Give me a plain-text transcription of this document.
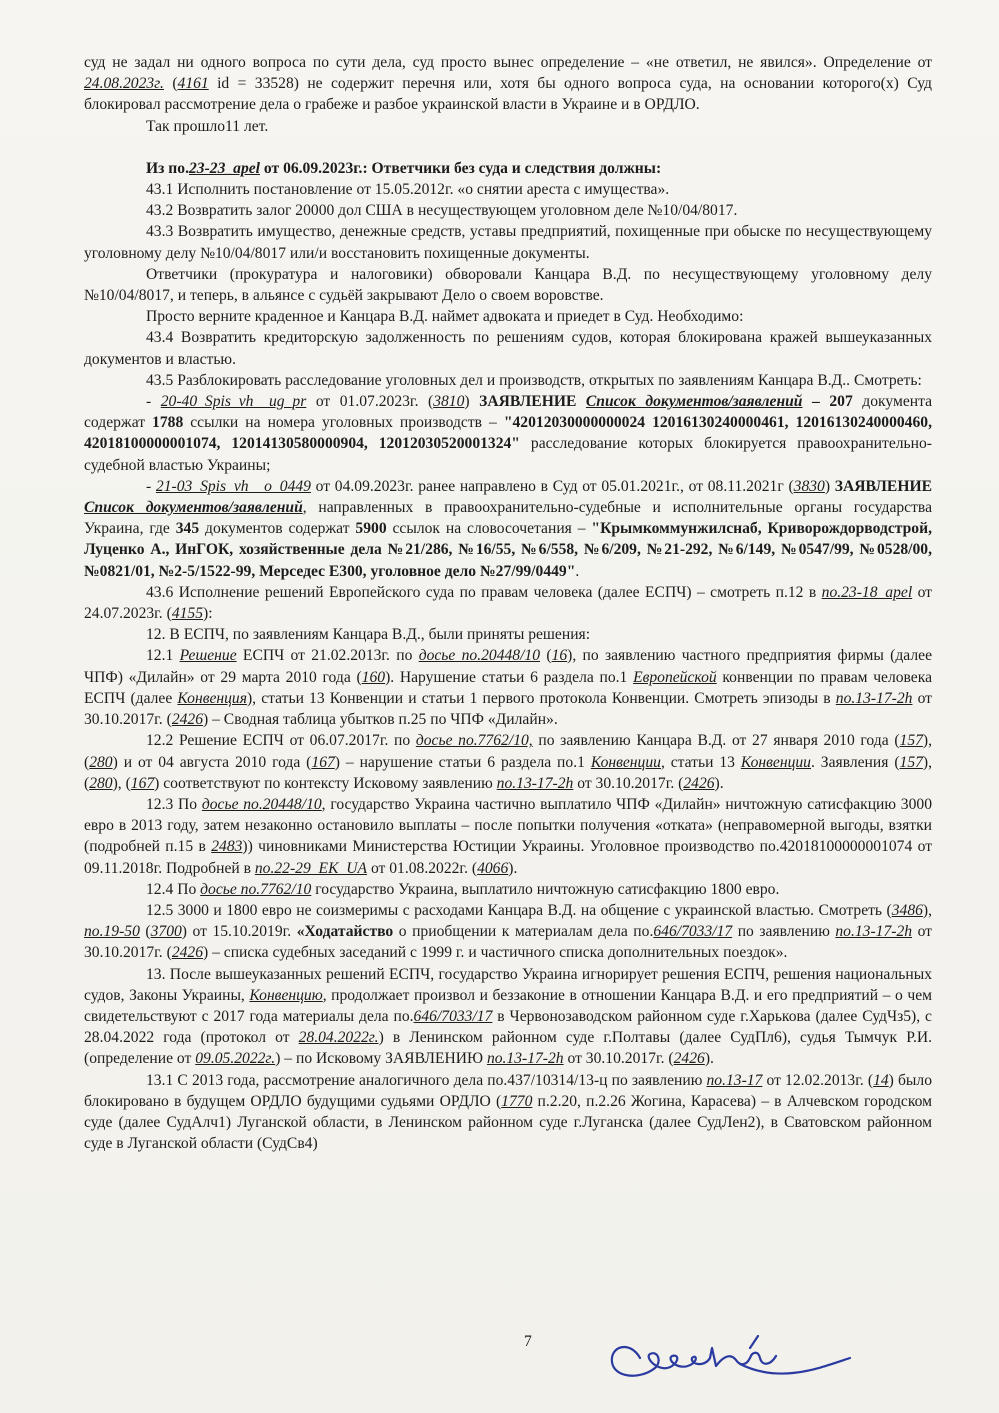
суд не задал ни одного вопроса по сути дела, суд просто вынес определение – «не ответил, не явился». Определение от 24.08.2023г. (4161 id = 33528) не содержит перечня или, хотя бы одного вопроса суда, на основании которого(х) Суд блокировал рассмотрение дела о грабеже и разбое украинской власти в Украине и в ОРДЛО.

Так прошло11 лет.

Из по.23-23_apel от 06.09.2023г.: Ответчики без суда и следствия должны:

43.1 Исполнить постановление от 15.05.2012г. «о снятии ареста с имущества».

43.2 Возвратить залог 20000 дол США в несуществующем уголовном деле №10/04/8017.

43.3 Возвратить имущество, денежные средств, уставы предприятий, похищенные при обыске по несуществующему уголовному делу №10/04/8017 или/и восстановить похищенные документы.

Ответчики (прокуратура и налоговики) обворовали Канцара В.Д. по несуществующему уголовному делу №10/04/8017, и теперь, в альянсе с судьёй закрывают Дело о своем воровстве.

Просто верните краденное и Канцара В.Д. наймет адвоката и приедет в Суд. Необходимо:

43.4 Возвратить кредиторскую задолженность по решениям судов, которая блокирована кражей вышеуказанных документов и властью.

43.5 Разблокировать расследование уголовных дел и производств, открытых по заявлениям Канцара В.Д.. Смотреть:

- 20-40_Spis_vh__ug_pr от 01.07.2023г. (3810) ЗАЯВЛЕНИЕ Список документов/заявлений – 207 документа содержат 1788 ссылки на номера уголовных производств – "42012030000000024 12016130240000461, 12016130240000460, 42018100000001074, 12014130580000904, 12012030520001324" расследование которых блокируется правоохранительно-судебной властью Украины;

- 21-03_Spis_vh__o_0449 от 04.09.2023г. ранее направлено в Суд от 05.01.2021г., от 08.11.2021г (3830) ЗАЯВЛЕНИЕ Список документов/заявлений, направленных в правоохранительно-судебные и исполнительные органы государства Украина, где 345 документов содержат 5900 ссылок на словосочетания – "Крымкоммунжилснаб, Криворождорводстрой, Луценко А., ИнГОК, хозяйственные дела №21/286, №16/55, №6/558, №6/209, №21-292, №6/149, №0547/99, №0528/00, №0821/01, №2-5/1522-99, Мерседес Е300, уголовное дело №27/99/0449".

43.6 Исполнение решений Европейского суда по правам человека (далее ЕСПЧ) – смотреть п.12 в по.23-18_apel от 24.07.2023г. (4155):

12. В ЕСПЧ, по заявлениям Канцара В.Д., были приняты решения:

12.1 Решение ЕСПЧ от 21.02.2013г. по досье по.20448/10 (16), по заявлению частного предприятия фирмы (далее ЧПФ) «Дилайн» от 29 марта 2010 года (160). Нарушение статьи 6 раздела по.1 Европейской конвенции по правам человека ЕСПЧ (далее Конвенция), статьи 13 Конвенции и статьи 1 первого протокола Конвенции. Смотреть эпизоды в по.13-17-2h от 30.10.2017г. (2426) – Сводная таблица убытков п.25 по ЧПФ «Дилайн».

12.2 Решение ЕСПЧ от 06.07.2017г. по досье по.7762/10, по заявлению Канцара В.Д. от 27 января 2010 года (157), (280) и от 04 августа 2010 года (167) – нарушение статьи 6 раздела по.1 Конвенции, статьи 13 Конвенции. Заявления (157), (280), (167) соответствуют по контексту Исковому заявлению по.13-17-2h от 30.10.2017г. (2426).

12.3 По досье по.20448/10, государство Украина частично выплатило ЧПФ «Дилайн» ничтожную сатисфакцию 3000 евро в 2013 году, затем незаконно остановило выплаты – после попытки получения «отката» (неправомерной выгоды, взятки (подробней п.15 в 2483)) чиновниками Министерства Юстиции Украины. Уголовное производство по.42018100000001074 от 09.11.2018г. Подробней в по.22-29_EK_UA от 01.08.2022г. (4066).

12.4 По досье по.7762/10 государство Украина, выплатило ничтожную сатисфакцию 1800 евро.

12.5 3000 и 1800 евро не соизмеримы с расходами Канцара В.Д. на общение с украинской властью. Смотреть (3486), по.19-50 (3700) от 15.10.2019г. «Ходатайство о приобщении к материалам дела по.646/7033/17 по заявлению по.13-17-2h от 30.10.2017г. (2426) – списка судебных заседаний с 1999 г. и частичного списка дополнительных поездок».

13. После вышеуказанных решений ЕСПЧ, государство Украина игнорирует решения ЕСПЧ, решения национальных судов, Законы Украины, Конвенцию, продолжает произвол и беззаконие в отношении Канцара В.Д. и его предприятий – о чем свидетельствуют с 2017 года материалы дела по.646/7033/17 в Червонозаводском районном суде г.Харькова (далее СудЧз5), с 28.04.2022 года (протокол от 28.04.2022г.) в Ленинском районном суде г.Полтавы (далее СудПл6), судья Тымчук Р.И. (определение от 09.05.2022г.) – по Исковому ЗАЯВЛЕНИЮ по.13-17-2h от 30.10.2017г. (2426).

13.1 С 2013 года, рассмотрение аналогичного дела по.437/10314/13-ц по заявлению по.13-17 от 12.02.2013г. (14) было блокировано в будущем ОРДЛО будущими судьями ОРДЛО (1770 п.2.20, п.2.26 Жогина, Карасева) – в Алчевском городском суде (далее СудАлч1) Луганской области, в Ленинском районном суде г.Луганска (далее СудЛен2), в Сватовском районном суде в Луганской области (СудСв4)

7
